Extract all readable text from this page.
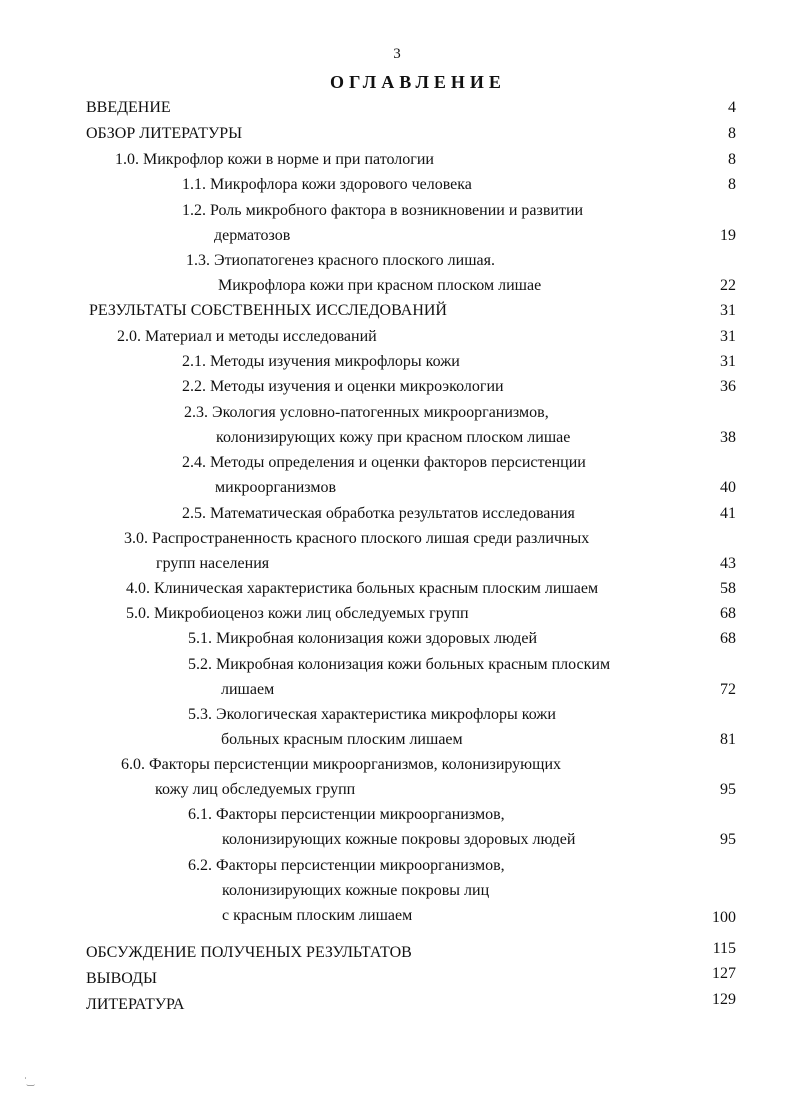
3
ОГЛАВЛЕНИЕ
ВВЕДЕНИЕ	4
ОБЗОР ЛИТЕРАТУРЫ	8
1.0. Микрофлор кожи в норме и при патологии	8
1.1. Микрофлора кожи здорового человека	8
1.2. Роль микробного фактора в возникновении и развитии
дерматозов	19
1.3. Этиопатогенез красного плоского лишая.
Микрофлора кожи при красном плоском лишае	22
РЕЗУЛЬТАТЫ СОБСТВЕННЫХ ИССЛЕДОВАНИЙ	31
2.0. Материал и методы исследований	31
2.1. Методы изучения микрофлоры кожи	31
2.2. Методы изучения и оценки микроэкологии	36
2.3. Экология условно-патогенных микроорганизмов,
колонизирующих кожу при красном плоском лишае	38
2.4. Методы определения и оценки факторов персистенции
микроорганизмов	40
2.5. Математическая обработка результатов исследования	41
3.0. Распространенность красного плоского лишая среди различных
групп населения	43
4.0. Клиническая характеристика больных красным плоским лишаем	58
5.0. Микробиоценоз кожи лиц обследуемых групп	68
5.1. Микробная колонизация кожи здоровых людей	68
5.2. Микробная колонизация кожи больных красным плоским
лишаем	72
5.3. Экологическая характеристика микрофлоры кожи
больных красным плоским лишаем	81
6.0. Факторы персистенции микроорганизмов, колонизирующих
кожу лиц обследуемых групп	95
6.1. Факторы персистенции микроорганизмов,
колонизирующих кожные покровы здоровых людей	95
6.2. Факторы персистенции микроорганизмов,
колонизирующих кожные покровы лиц
с красным плоским лишаем	100
ОБСУЖДЕНИЕ ПОЛУЧЕНЫХ РЕЗУЛЬТАТОВ	115
ВЫВОДЫ	127
ЛИТЕРАТУРА	129
˙‿
